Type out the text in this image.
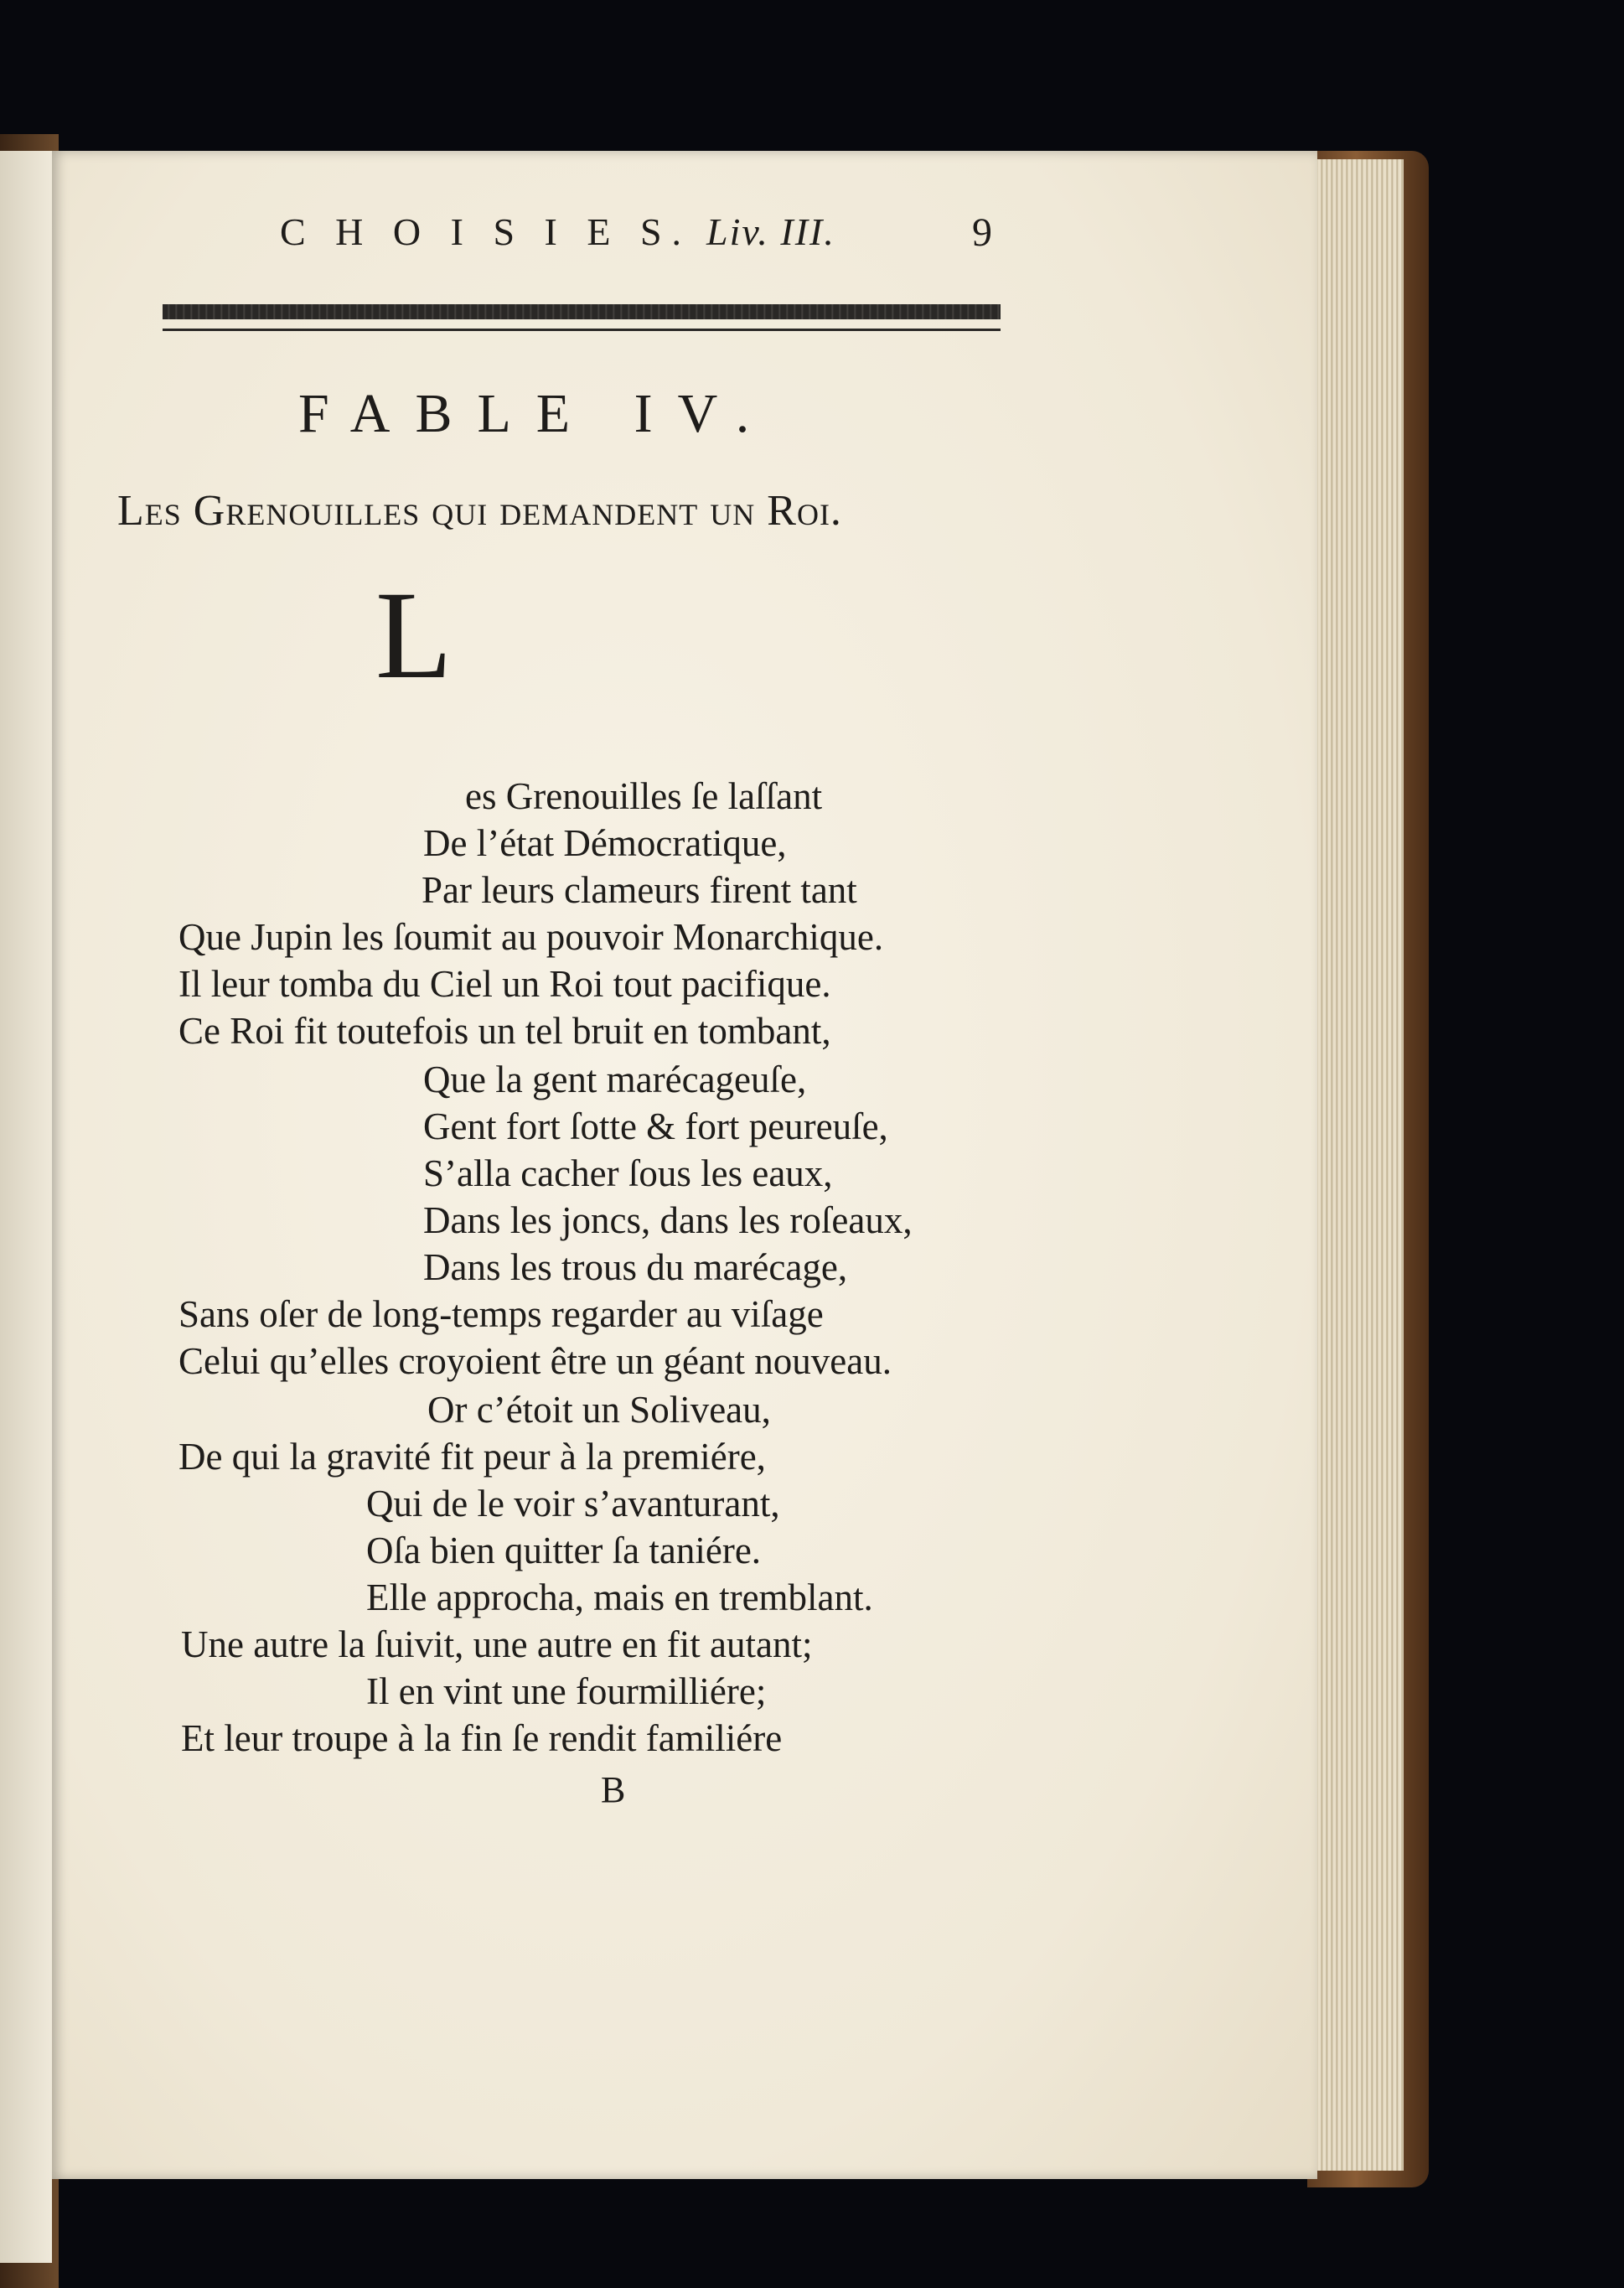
C H O I S I E S. Liv. III.	9
FABLE IV.
Les Grenouilles qui demandent un Roi.
L
es Grenouilles ſe laſſant
De l’état Démocratique,
Par leurs clameurs firent tant
Que Jupin les ſoumit au pouvoir Monarchique.
Il leur tomba du Ciel un Roi tout pacifique.
Ce Roi fit toutefois un tel bruit en tombant,
Que la gent marécageuſe,
Gent fort ſotte & fort peureuſe,
S’alla cacher ſous les eaux,
Dans les joncs, dans les roſeaux,
Dans les trous du marécage,
Sans oſer de long-temps regarder au viſage
Celui qu’elles croyoient être un géant nouveau.
Or c’étoit un Soliveau,
De qui la gravité fit peur à la premiére,
Qui de le voir s’avanturant,
Oſa bien quitter ſa taniére.
Elle approcha, mais en tremblant.
Une autre la ſuivit, une autre en fit autant;
Il en vint une fourmilliére;
Et leur troupe à la fin ſe rendit familiére
B
